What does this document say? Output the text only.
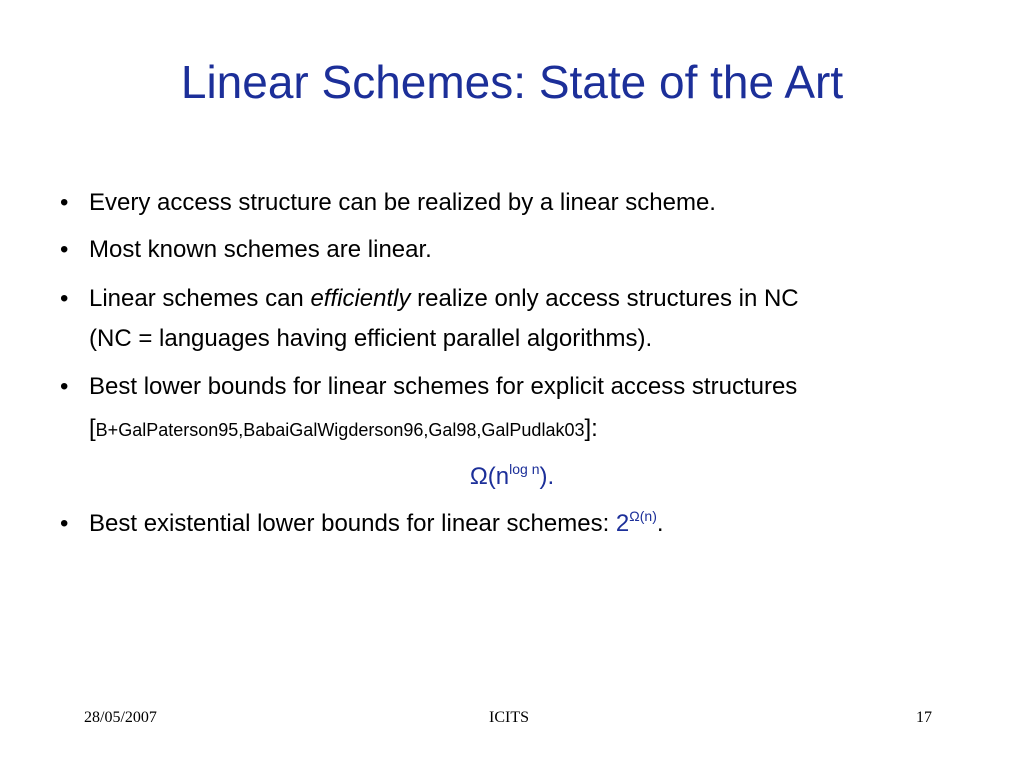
Linear Schemes: State of the Art
• Every access structure can be realized by a linear scheme.
• Most known schemes are linear.
• Linear schemes can efficiently realize only access structures in NC
(NC = languages having efficient parallel algorithms).
• Best lower bounds for linear schemes for explicit access structures
[B+GalPaterson95,BabaiGalWigderson96,Gal98,GalPudlak03]:
$\Omega(n^{log n})$.
• Best existential lower bounds for linear schemes: $2^{\Omega(n)}$.
28/05/2007	ICITS	17
